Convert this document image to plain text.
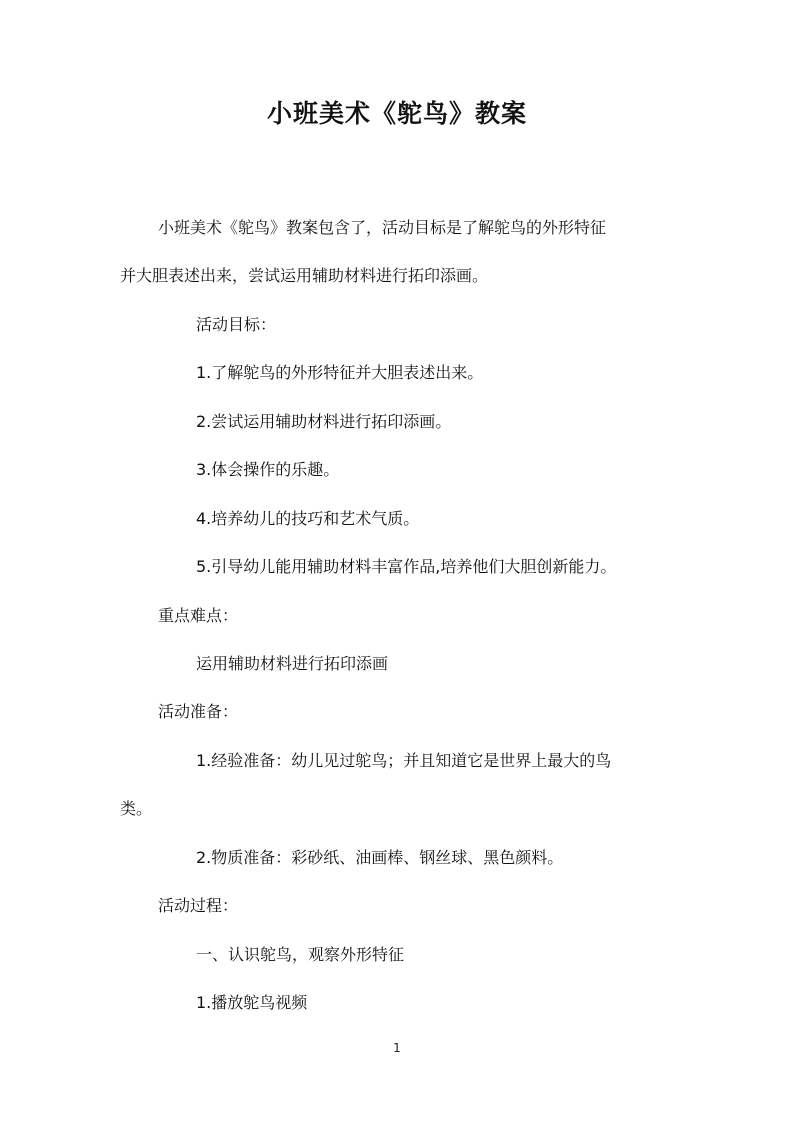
小班美术《鸵鸟》教案
小班美术《鸵鸟》教案包含了，活动目标是了解鸵鸟的外形特征
并大胆表述出来，尝试运用辅助材料进行拓印添画。
活动目标：
1.了解鸵鸟的外形特征并大胆表述出来。
2.尝试运用辅助材料进行拓印添画。
3.体会操作的乐趣。
4.培养幼儿的技巧和艺术气质。
5.引导幼儿能用辅助材料丰富作品,培养他们大胆创新能力。
重点难点：
运用辅助材料进行拓印添画
活动准备：
1.经验准备：幼儿见过鸵鸟；并且知道它是世界上最大的鸟
类。
2.物质准备：彩砂纸、油画棒、钢丝球、黑色颜料。
活动过程：
一、认识鸵鸟，观察外形特征
1.播放鸵鸟视频
1
